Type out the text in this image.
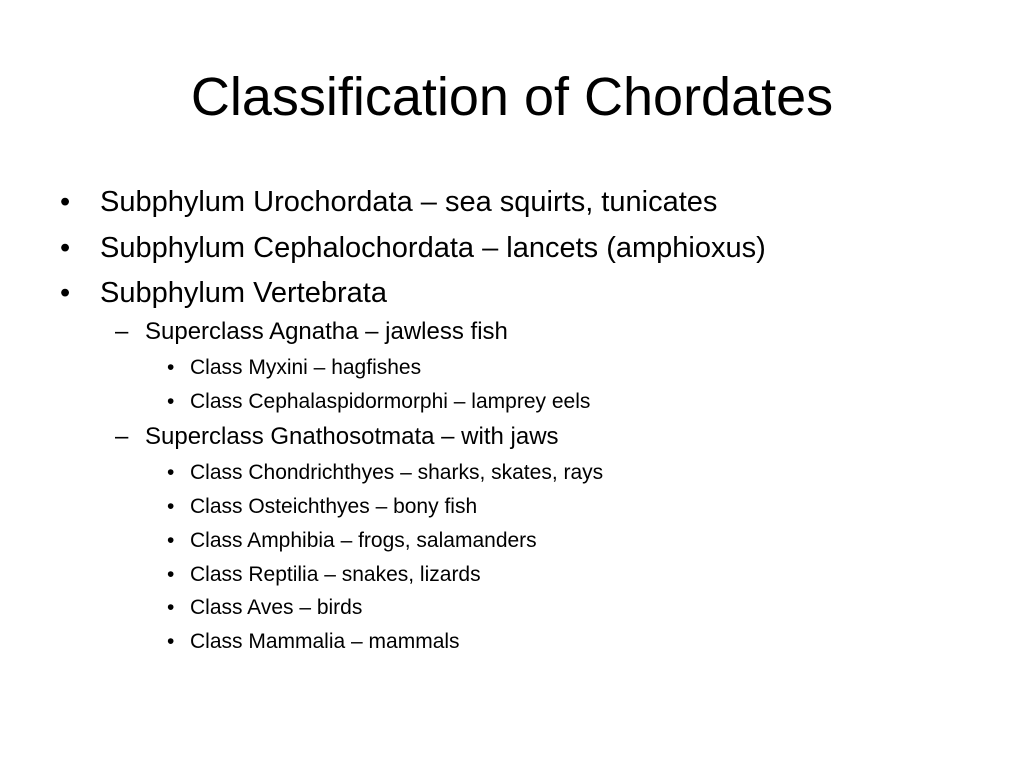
Classification of Chordates
• Subphylum Urochordata – sea squirts, tunicates
• Subphylum Cephalochordata – lancets (amphioxus)
• Subphylum Vertebrata
– Superclass Agnatha – jawless fish
• Class Myxini – hagfishes
• Class Cephalaspidormorphi – lamprey eels
– Superclass Gnathosotmata – with jaws
• Class Chondrichthyes – sharks, skates, rays
• Class Osteichthyes – bony fish
• Class Amphibia – frogs, salamanders
• Class Reptilia – snakes, lizards
• Class Aves – birds
• Class Mammalia – mammals
